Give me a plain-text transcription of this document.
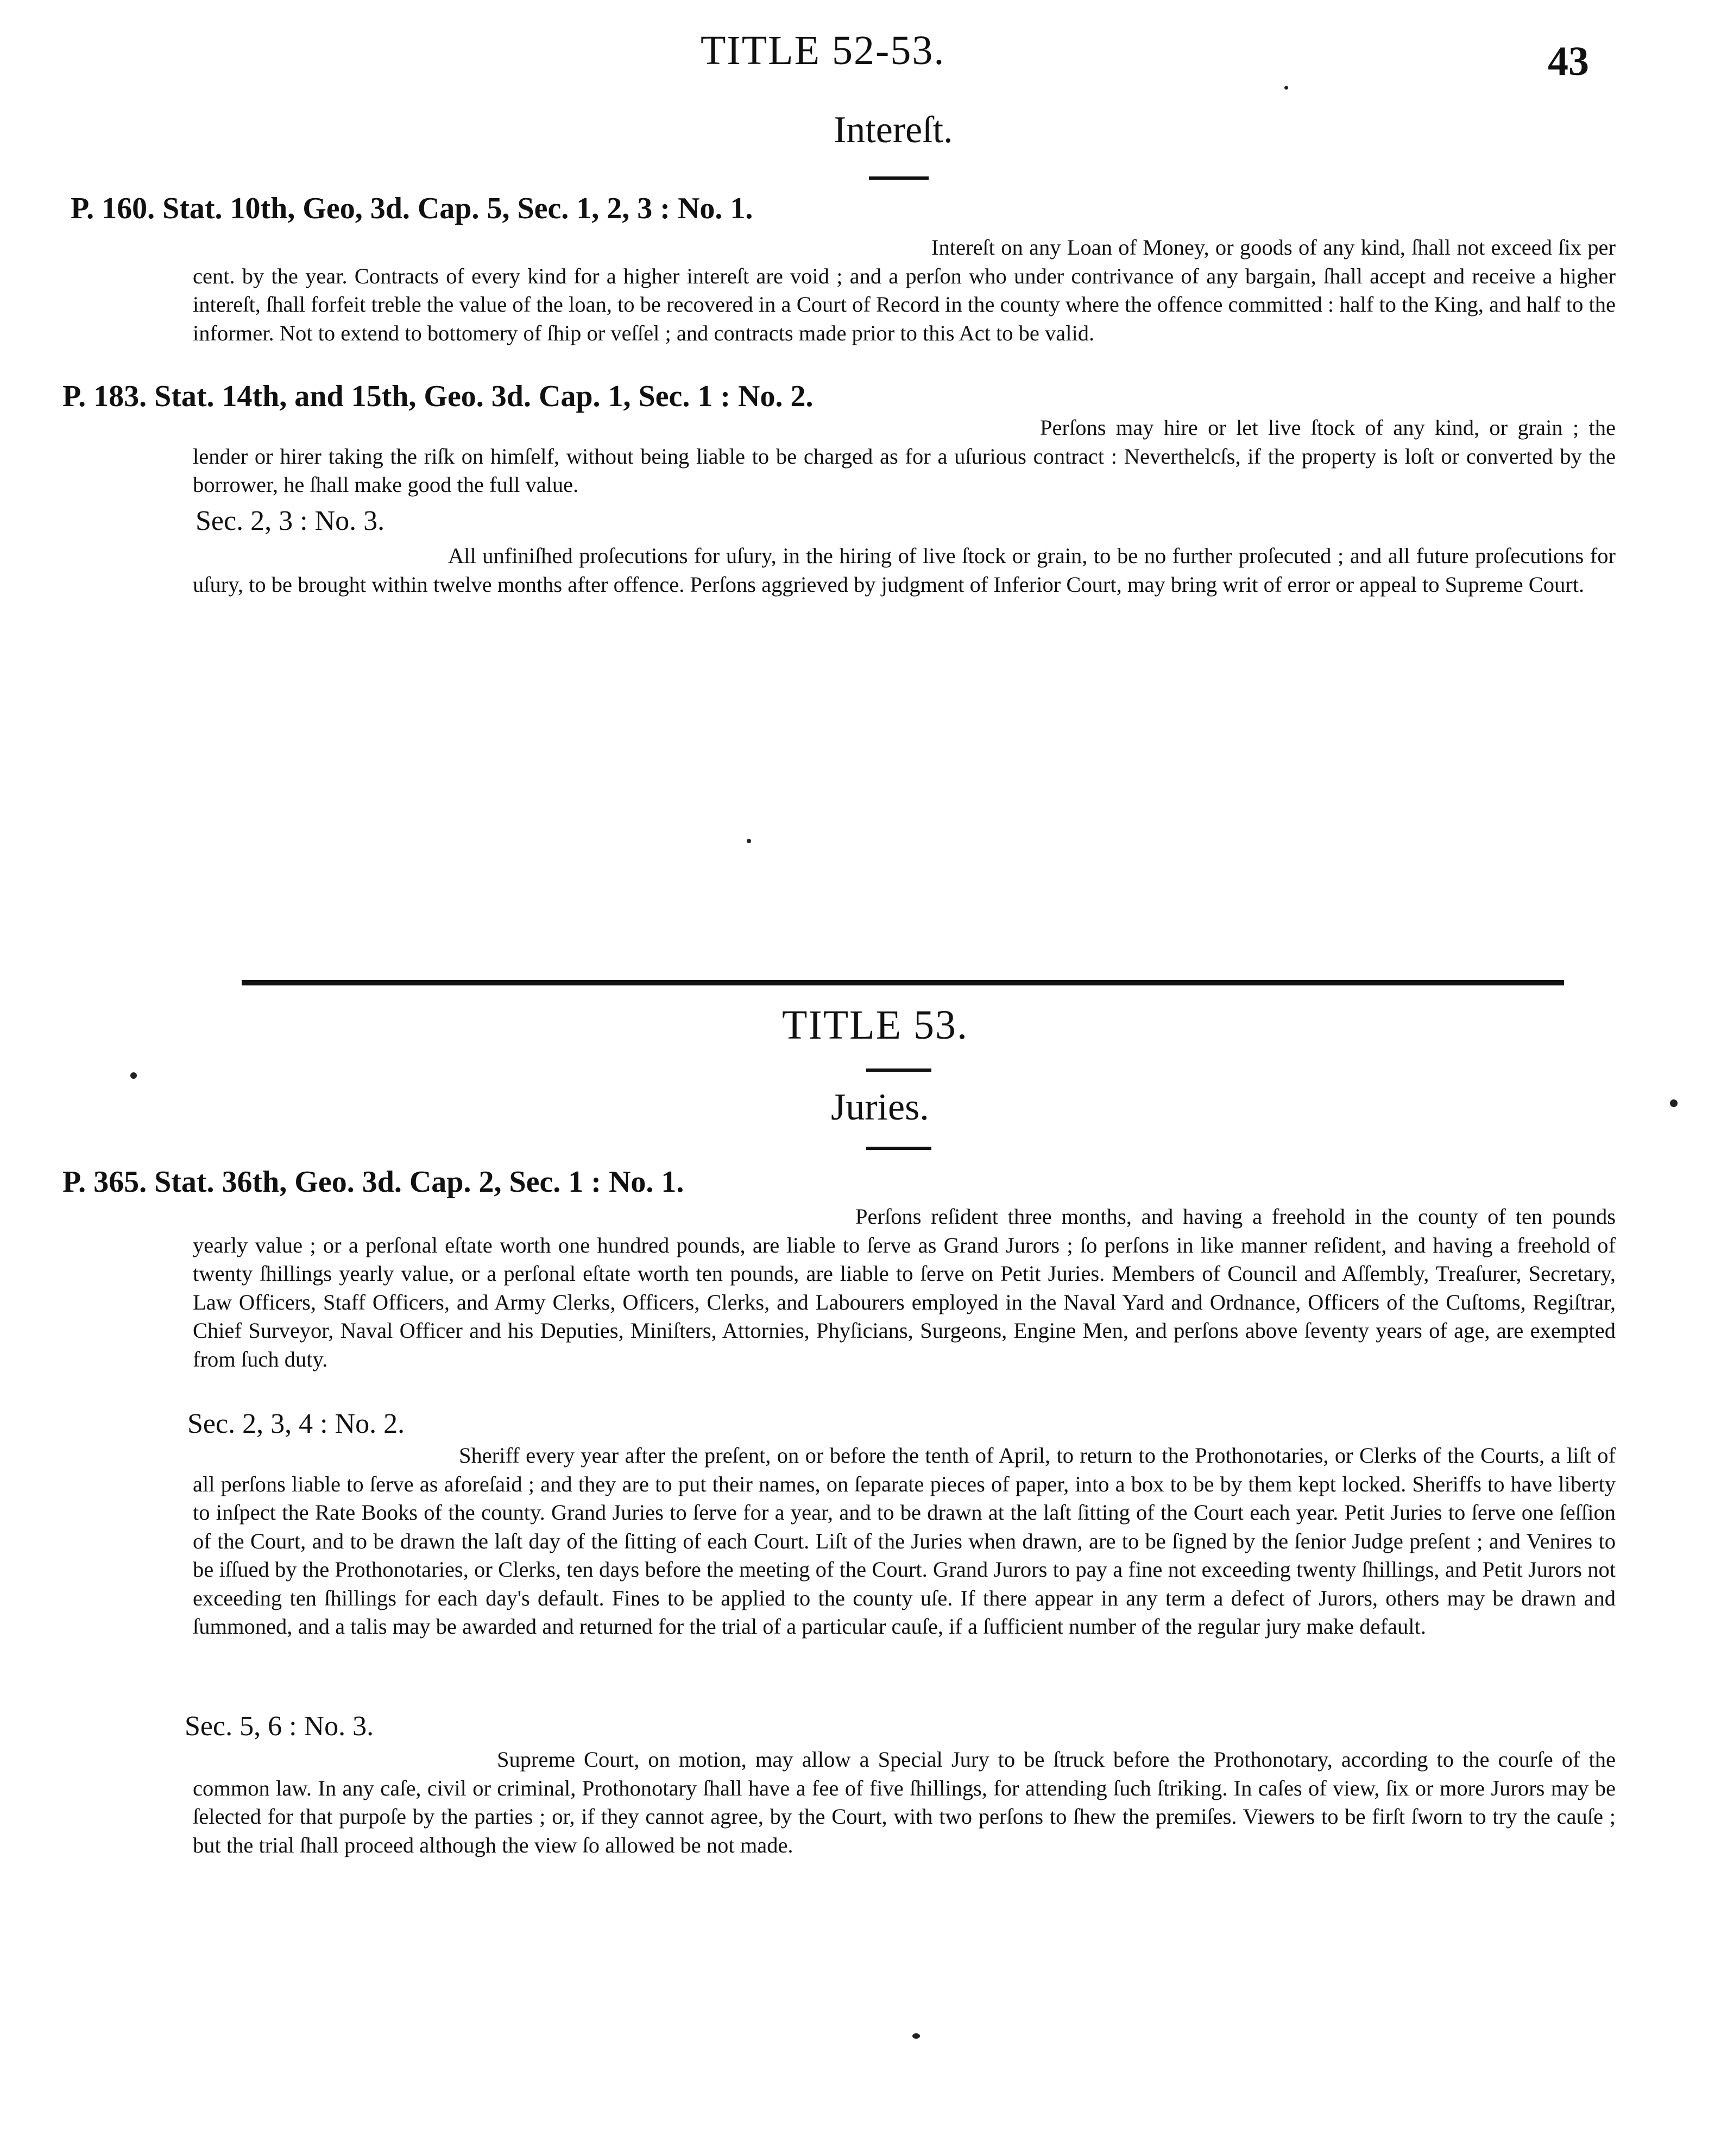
43
TITLE 52-53.
Intereſt.
P. 160. Stat. 10th, Geo, 3d. Cap. 5, Sec. 1, 2, 3 : No. 1.
Intereſt on any Loan of Money, or goods of any kind, ſhall not exceed ſix per cent. by the year. Contracts of every kind for a higher intereſt are void ; and a perſon who under contrivance of any bargain, ſhall accept and receive a higher intereſt, ſhall forfeit treble the value of the loan, to be recovered in a Court of Record in the county where the offence committed : half to the King, and half to the informer. Not to extend to bottomery of ſhip or veſſel ; and contracts made prior to this Act to be valid.
P. 183. Stat. 14th, and 15th, Geo. 3d. Cap. 1, Sec. 1 : No. 2.
Perſons may hire or let live ſtock of any kind, or grain ; the lender or hirer taking the riſk on himſelf, without being liable to be charged as for a uſurious contract : Neverthelcſs, if the property is loſt or converted by the borrower, he ſhall make good the full value.
Sec. 2, 3 : No. 3.
All unfiniſhed proſecutions for uſury, in the hiring of live ſtock or grain, to be no further proſecuted ; and all future proſecutions for uſury, to be brought within twelve months after offence. Perſons aggrieved by judgment of Inferior Court, may bring writ of error or appeal to Supreme Court.
TITLE 53.
Juries.
P. 365. Stat. 36th, Geo. 3d. Cap. 2, Sec. 1 : No. 1.
Perſons reſident three months, and having a freehold in the county of ten pounds yearly value ; or a perſonal eſtate worth one hundred pounds, are liable to ſerve as Grand Jurors ; ſo perſons in like manner reſident, and having a freehold of twenty ſhillings yearly value, or a perſonal eſtate worth ten pounds, are liable to ſerve on Petit Juries. Members of Council and Aſſembly, Treaſurer, Secretary, Law Officers, Staff Officers, and Army Clerks, Officers, Clerks, and Labourers employed in the Naval Yard and Ordnance, Officers of the Cuſtoms, Regiſtrar, Chief Surveyor, Naval Officer and his Deputies, Miniſters, Attornies, Phyſicians, Surgeons, Engine Men, and perſons above ſeventy years of age, are exempted from ſuch duty.
Sec. 2, 3, 4 : No. 2.
Sheriff every year after the preſent, on or before the tenth of April, to return to the Prothonotaries, or Clerks of the Courts, a liſt of all perſons liable to ſerve as aforeſaid ; and they are to put their names, on ſeparate pieces of paper, into a box to be by them kept locked. Sheriffs to have liberty to inſpect the Rate Books of the county. Grand Juries to ſerve for a year, and to be drawn at the laſt ſitting of the Court each year. Petit Juries to ſerve one ſeſſion of the Court, and to be drawn the laſt day of the ſitting of each Court. Liſt of the Juries when drawn, are to be ſigned by the ſenior Judge preſent ; and Venires to be iſſued by the Prothonotaries, or Clerks, ten days before the meeting of the Court. Grand Jurors to pay a fine not exceeding twenty ſhillings, and Petit Jurors not exceeding ten ſhillings for each day's default. Fines to be applied to the county uſe. If there appear in any term a defect of Jurors, others may be drawn and ſummoned, and a talis may be awarded and returned for the trial of a particular cauſe, if a ſufficient number of the regular jury make default.
Sec. 5, 6 : No. 3.
Supreme Court, on motion, may allow a Special Jury to be ſtruck before the Prothonotary, according to the courſe of the common law. In any caſe, civil or criminal, Prothonotary ſhall have a fee of five ſhillings, for attending ſuch ſtriking. In caſes of view, ſix or more Jurors may be ſelected for that purpoſe by the parties ; or, if they cannot agree, by the Court, with two perſons to ſhew the premiſes. Viewers to be firſt ſworn to try the cauſe ; but the trial ſhall proceed although the view ſo allowed be not made.
